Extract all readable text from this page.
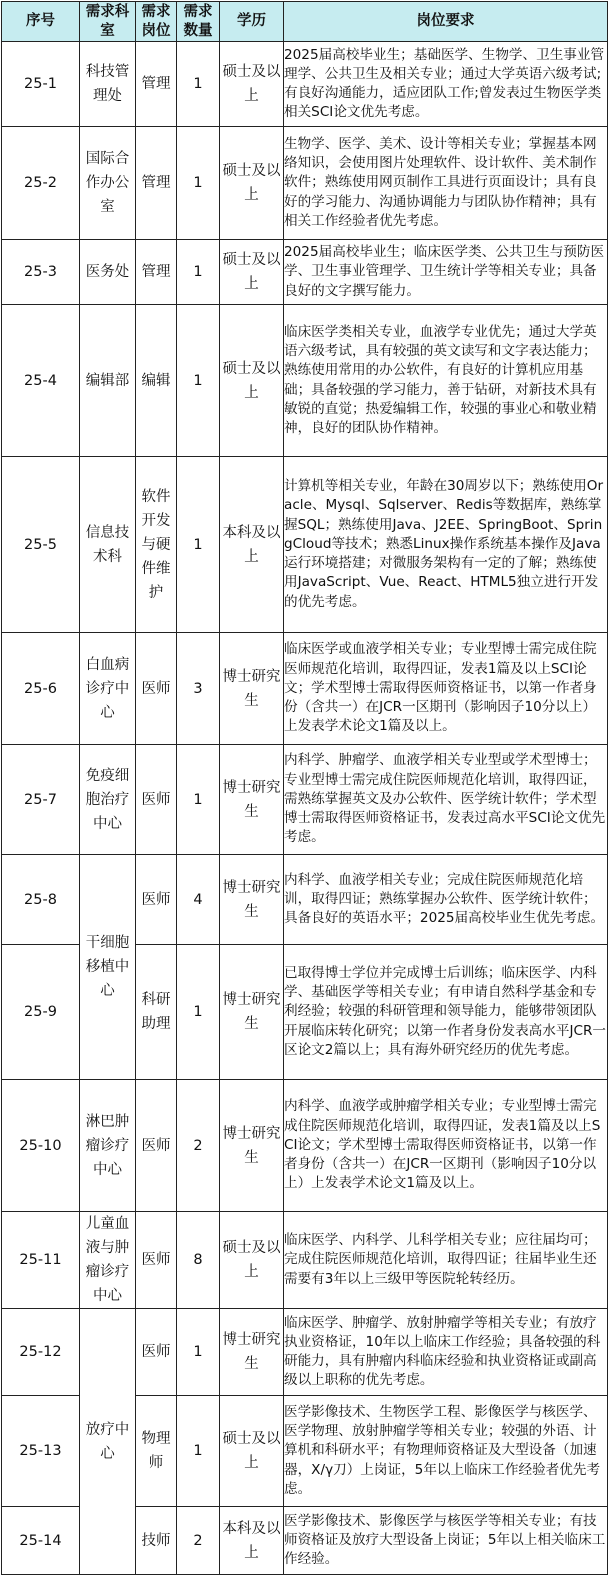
序号	需求科室	需求岗位	需求数量	学历	岗位要求
25-1	科技管理处	管理	1	硕士及以上	2025届高校毕业生；基础医学、生物学、卫生事业管理学、公共卫生及相关专业；通过大学英语六级考试;有良好沟通能力，适应团队工作;曾发表过生物医学类相关SCI论文优先考虑。
25-2	国际合作办公室	管理	1	硕士及以上	生物学、医学、美术、设计等相关专业；掌握基本网络知识，会使用图片处理软件、设计软件、美术制作软件；熟练使用网页制作工具进行页面设计；具有良好的学习能力、沟通协调能力与团队协作精神；具有相关工作经验者优先考虑。
25-3	医务处	管理	1	硕士及以上	2025届高校毕业生；临床医学类、公共卫生与预防医学、卫生事业管理学、卫生统计学等相关专业；具备良好的文字撰写能力。
25-4	编辑部	编辑	1	硕士及以上	临床医学类相关专业，血液学专业优先；通过大学英语六级考试，具有较强的英文读写和文字表达能力；熟练使用常用的办公软件，有良好的计算机应用基础；具备较强的学习能力，善于钻研，对新技术具有敏锐的直觉；热爱编辑工作，较强的事业心和敬业精神，良好的团队协作精神。
25-5	信息技术科	软件开发与硬件维护	1	本科及以上	计算机等相关专业，年龄在30周岁以下；熟练使用Oracle、Mysql、Sqlserver、Redis等数据库，熟练掌握SQL；熟练使用Java、J2EE、SpringBoot、SpringCloud等技术；熟悉Linux操作系统基本操作及Java运行环境搭建；对微服务架构有一定的了解；熟练使用JavaScript、Vue、React、HTML5独立进行开发的优先考虑。
25-6	白血病诊疗中心	医师	3	博士研究生	临床医学或血液学相关专业；专业型博士需完成住院医师规范化培训，取得四证，发表1篇及以上SCI论文；学术型博士需取得医师资格证书，以第一作者身份（含共一）在JCR一区期刊（影响因子10分以上）上发表学术论文1篇及以上。
25-7	免疫细胞治疗中心	医师	1	博士研究生	内科学、肿瘤学、血液学相关专业型或学术型博士；专业型博士需完成住院医师规范化培训，取得四证，需熟练掌握英文及办公软件、医学统计软件；学术型博士需取得医师资格证书，发表过高水平SCI论文优先考虑。
25-8	干细胞移植中心	医师	4	博士研究生	内科学、血液学相关专业；完成住院医师规范化培训，取得四证；熟练掌握办公软件、医学统计软件；具备良好的英语水平；2025届高校毕业生优先考虑。
25-9		科研助理	1	博士研究生	已取得博士学位并完成博士后训练；临床医学、内科学、基础医学等相关专业；有申请自然科学基金和专利经验；较强的科研管理和领导能力，能够带领团队开展临床转化研究；以第一作者身份发表高水平JCR一区论文2篇以上；具有海外研究经历的优先考虑。
25-10	淋巴肿瘤诊疗中心	医师	2	博士研究生	内科学、血液学或肿瘤学相关专业；专业型博士需完成住院医师规范化培训，取得四证，发表1篇及以上SCI论文；学术型博士需取得医师资格证书，以第一作者身份（含共一）在JCR一区期刊（影响因子10分以上）上发表学术论文1篇及以上。
25-11	儿童血液与肿瘤诊疗中心	医师	8	硕士及以上	临床医学、内科学、儿科学相关专业；应往届均可；完成住院医师规范化培训，取得四证；往届毕业生还需要有3年以上三级甲等医院轮转经历。
25-12	放疗中心	医师	1	博士研究生	临床医学、肿瘤学、放射肿瘤学等相关专业；有放疗执业资格证，10年以上临床工作经验；具备较强的科研能力，具有肿瘤内科临床经验和执业资格证或副高级以上职称的优先考虑。
25-13		物理师	1	硕士及以上	医学影像技术、生物医学工程、影像医学与核医学、医学物理、放射肿瘤学等相关专业；较强的外语、计算机和科研水平；有物理师资格证及大型设备（加速器，X/γ刀）上岗证，5年以上临床工作经验者优先考虑。
25-14		技师	2	本科及以上	医学影像技术、影像医学与核医学等相关专业；有技师资格证及放疗大型设备上岗证；5年以上相关临床工作经验。
